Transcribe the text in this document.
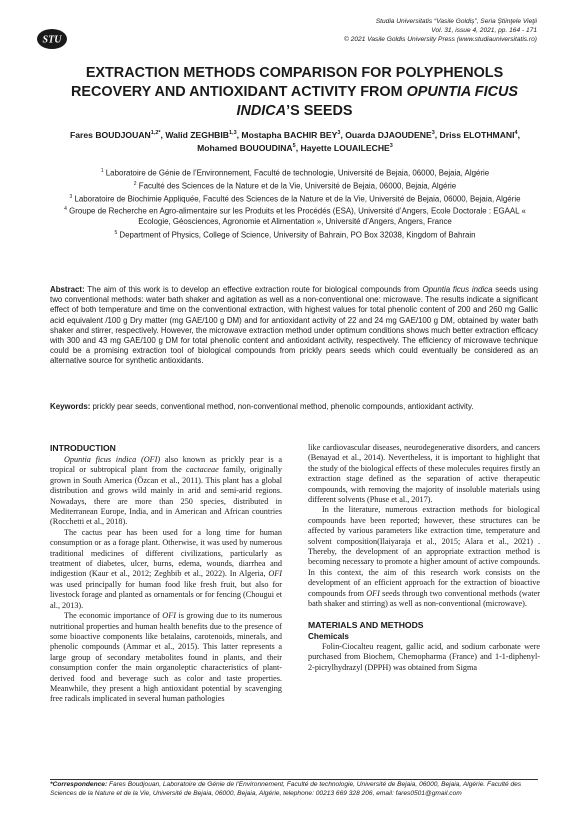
STU
Studia Universitatis “Vasile Goldiş”, Seria Ştiinţele Vieţii
Vol. 31, issue 4, 2021, pp. 164 - 171
© 2021 Vasile Goldis University Press (www.studiauniversitatis.ro)
EXTRACTION METHODS COMPARISON FOR POLYPHENOLS RECOVERY AND ANTIOXIDANT ACTIVITY FROM OPUNTIA FICUS INDICA’S SEEDS
Fares $BOUDJOUAN^{1,2*}$, Walid ZEGHBIB$^{1,3}$, Mostapha BACHIR BEY$^3$, Ouarda DJAOUDENE$^3$, Driss ELOTHMANI$^4$, Mohamed BOUOUDINA$^5$, Hayette LOUAILECHE$^3$
$^1$ Laboratoire de Génie de l’Environnement, Faculté de technologie, Université de Bejaia, 06000, Bejaia, Algérie
$^2$ Faculté des Sciences de la Nature et de la Vie, Université de Bejaia, 06000, Bejaia, Algérie
$^3$ Laboratoire de Biochimie Appliquée, Faculté des Sciences de la Nature et de la Vie, Université de Bejaia, 06000, Bejaia, Algérie
$^4$ Groupe de Recherche en Agro-alimentaire sur les Produits et les Procédés (ESA), Université d’Angers, Ecole Doctorale : EGAAL « Ecologie, Géosciences, Agronomie et Alimentation », Université d’Angers, Angers, France
$^5$ Department of Physics, College of Science, University of Bahrain, PO Box 32038, Kingdom of Bahrain
Abstract: The aim of this work is to develop an effective extraction route for biological compounds from Opuntia ficus indica seeds using two conventional methods: water bath shaker and agitation as well as a non-conventional one: microwave. The results indicate a significant effect of both temperature and time on the conventional extraction, with highest values for total phenolic content of 200 and 260 mg Gallic acid equivalent /100 g Dry matter (mg GAE/100 g DM) and for antioxidant activity of 22 and 24 mg GAE/100 g DM, obtained by water bath shaker and stirrer, respectively. However, the microwave extraction method under optimum conditions shows much better extraction efficacy with 300 and 43 mg GAE/100 g DM for total phenolic content and antioxidant activity, respectively. The efficiency of microwave technique could be a promising extraction tool of biological compounds from prickly pears seeds which could eventually be considered as an alternative source for synthetic antioxidants.
Keywords: prickly pear seeds, conventional method, non-conventional method, phenolic compounds, antioxidant activity.
INTRODUCTION

Opuntia ficus indica (OFI) also known as prickly pear is a tropical or subtropical plant from the cactaceae family, originally grown in South America (Özcan et al., 2011). This plant has a global distribution and grows wild mainly in arid and semi-arid regions. Nowadays, there are more than 250 species, distributed in Mediterranean Europe, India, and in American and African countries (Rocchetti et al., 2018).

The cactus pear has been used for a long time for human consumption or as a forage plant. Otherwise, it was used by numerous traditional medicines of different civilizations, particularly as treatment of diabetes, ulcer, burns, edema, wounds, diarrhea and indigestion (Kaur et al., 2012; Zeghbib et al., 2022). In Algeria, OFI was used principally for human food like fresh fruit, but also for livestock forage and planted as ornamentals or for fencing (Chougui et al., 2013).

The economic importance of OFI is growing due to its numerous nutritional properties and human health benefits due to the presence of some bioactive components like betalains, carotenoids, minerals, and phenolic compounds (Ammar et al., 2015). This latter represents a large group of secondary metabolites found in plants, and their consumption confer the main organoleptic characteristics of plant-derived food and beverage such as color and taste properties. Meanwhile, they present a high antioxidant potential by scavenging free radicals implicated in several human pathologies

like cardiovascular diseases, neurodegenerative disorders, and cancers (Benayad et al., 2014). Nevertheless, it is important to highlight that the study of the biological effects of these molecules requires firstly an extraction stage defined as the separation of active therapeutic compounds, with removing the majority of insoluble materials using different solvents (Phuse et al., 2017).

In the literature, numerous extraction methods for biological compounds have been reported; however, these structures can be affected by various parameters like extraction time, temperature and solvent composition(Ilaiyaraja et al., 2015; Alara et al., 2021) . Thereby, the development of an appropriate extraction method is becoming necessary to promote a higher amount of active compounds. In this context, the aim of this research work consists on the development of an efficient approach for the extraction of bioactive compounds from OFI seeds through two conventional methods (water bath shaker and stirring) as well as non-conventional (microwave).

MATERIALS AND METHODS
Chemicals

Folin-Ciocalteu reagent, gallic acid, and sodium carbonate were purchased from Biochem, Chemopharma (France) and 1-1-diphenyl-2-picrylhydrazyl (DPPH) was obtained from Sigma

*Correspondence: Fares Boudjouan, Laboratoire de Génie de l’Environnement, Faculté de technologie, Université de Bejaia, 06000, Bejaia, Algérie. Faculté des Sciences de la Nature et de la Vie, Université de Bejaia, 06000, Bejaia, Algérie, telephone: 00213 669 328 206, email: fares0501@gmail.com
